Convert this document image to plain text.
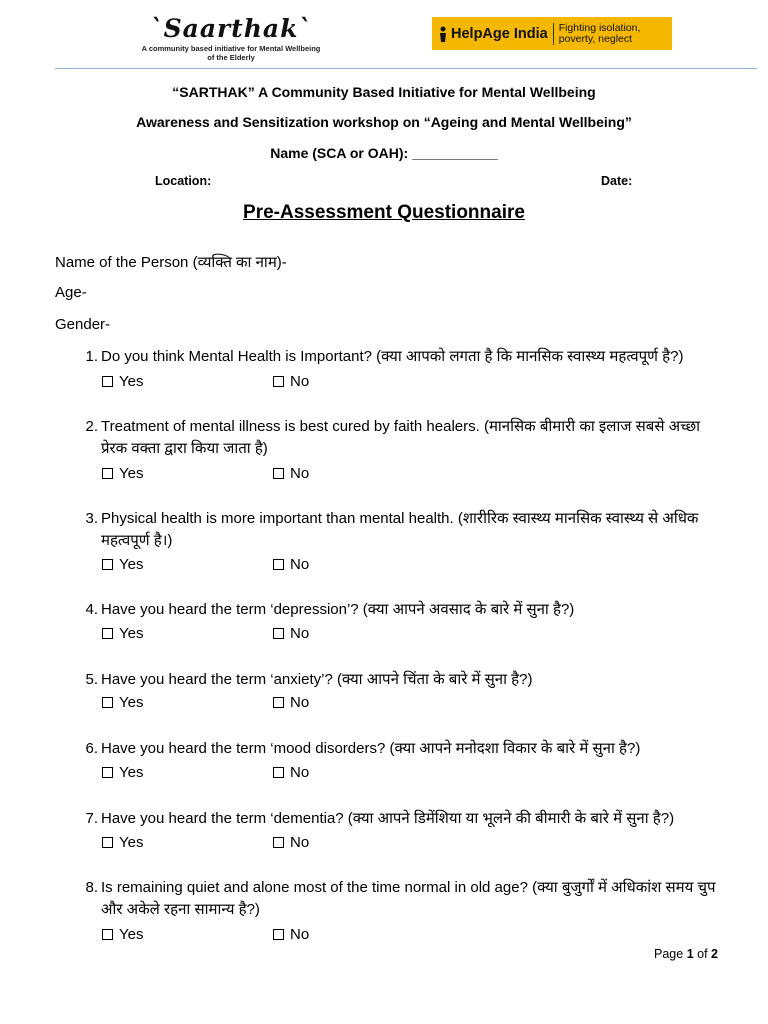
`Saarthak`
A community based initiative for Mental Wellbeing
of the Elderly
HelpAge India Fighting isolation,
poverty, neglect
“SARTHAK” A Community Based Initiative for Mental Wellbeing
Awareness and Sensitization workshop on “Ageing and Mental Wellbeing”
Name (SCA or OAH): ___________
Location:	Date:
Pre-Assessment Questionnaire
Name of the Person (व्यक्ति का नाम)-
Age-
Gender-
1. Do you think Mental Health is Important? (क्या आपको लगता है कि मानसिक स्वास्थ्य महत्वपूर्ण है?)
Yes	No
2. Treatment of mental illness is best cured by faith healers. (मानसिक बीमारी का इलाज सबसे अच्छा प्रेरक वक्ता द्वारा किया जाता है)
Yes	No
3. Physical health is more important than mental health. (शारीरिक स्वास्थ्य मानसिक स्वास्थ्य से अधिक महत्वपूर्ण है।)
Yes	No
4. Have you heard the term ‘depression’? (क्या आपने अवसाद के बारे में सुना है?)
Yes	No
5. Have you heard the term ‘anxiety’? (क्या आपने चिंता के बारे में सुना है?)
Yes	No
6. Have you heard the term ‘mood disorders? (क्या आपने मनोदशा विकार के बारे में सुना है?)
Yes	No
7. Have you heard the term ‘dementia? (क्या आपने डिमेंशिया या भूलने की बीमारी के बारे में सुना है?)
Yes	No
8. Is remaining quiet and alone most of the time normal in old age? (क्या बुजुर्गों में अधिकांश समय चुप और अकेले रहना सामान्य है?)
Yes	No
Page 1 of 2
